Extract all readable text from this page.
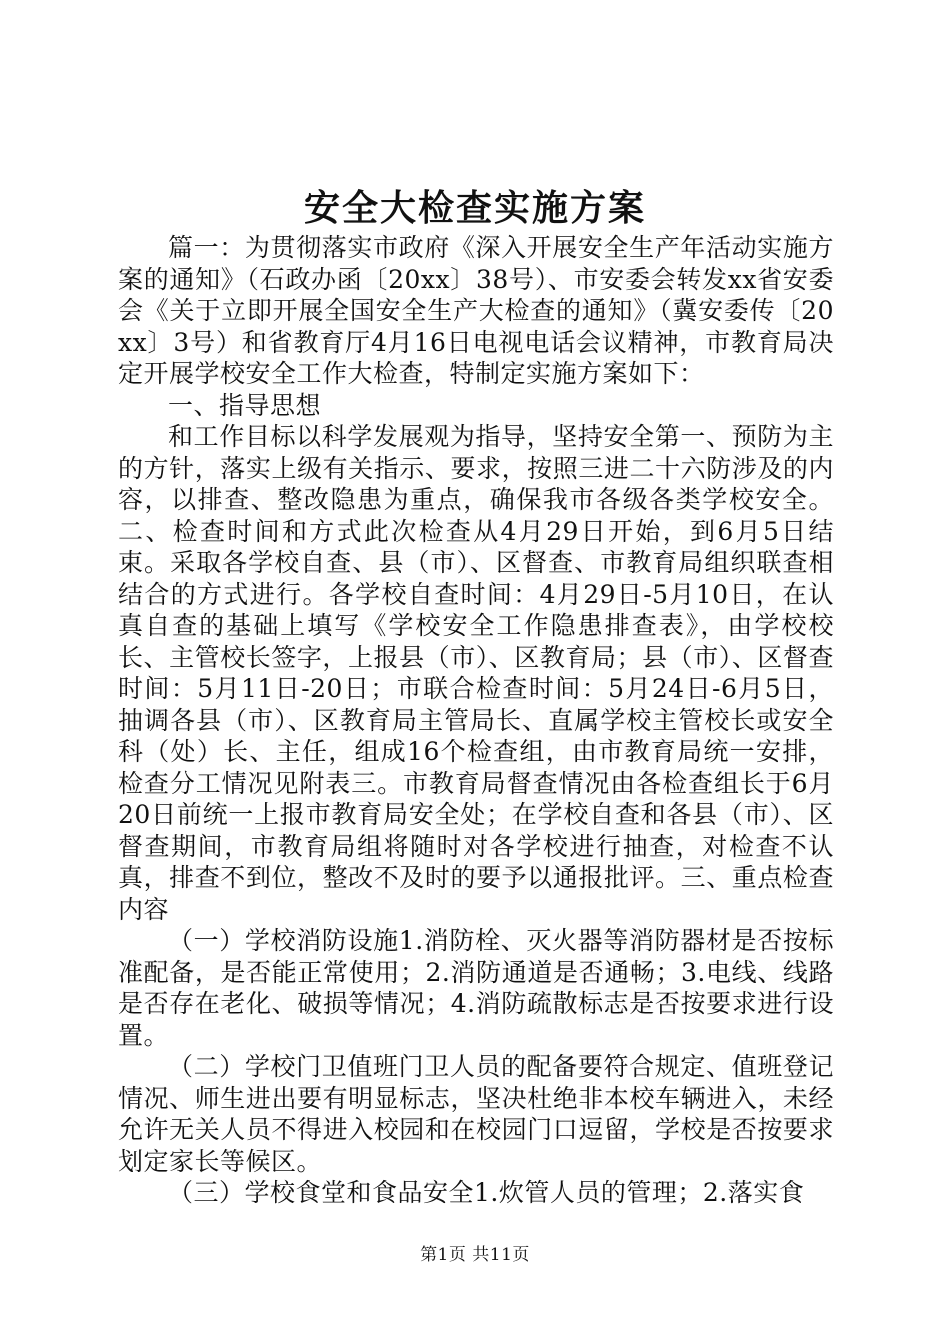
安全大检查实施方案

篇一：为贯彻落实市政府《深入开展安全生产年活动实施方案的通知》（石政办函〔20xx〕38号）、市安委会转发xx省安委会《关于立即开展全国安全生产大检查的通知》（冀安委传〔20xx〕3号）和省教育厅4月16日电视电话会议精神，市教育局决定开展学校安全工作大检查，特制定实施方案如下：

一、指导思想

和工作目标以科学发展观为指导，坚持安全第一、预防为主的方针，落实上级有关指示、要求，按照三进二十六防涉及的内容，以排查、整改隐患为重点，确保我市各级各类学校安全。二、检查时间和方式此次检查从4月29日开始，到6月5日结束。采取各学校自查、县（市）、区督查、市教育局组织联查相结合的方式进行。各学校自查时间：4月29日-5月10日，在认真自查的基础上填写《学校安全工作隐患排查表》，由学校校长、主管校长签字，上报县（市）、区教育局；县（市）、区督查时间：5月11日-20日；市联合检查时间：5月24日-6月5日，抽调各县（市）、区教育局主管局长、直属学校主管校长或安全科（处）长、主任，组成16个检查组，由市教育局统一安排，检查分工情况见附表三。市教育局督查情况由各检查组长于6月20日前统一上报市教育局安全处；在学校自查和各县（市）、区督查期间，市教育局组将随时对各学校进行抽查，对检查不认真，排查不到位，整改不及时的要予以通报批评。三、重点检查内容

（一）学校消防设施1.消防栓、灭火器等消防器材是否按标准配备，是否能正常使用；2.消防通道是否通畅；3.电线、线路是否存在老化、破损等情况；4.消防疏散标志是否按要求进行设置。

（二）学校门卫值班门卫人员的配备要符合规定、值班登记情况、师生进出要有明显标志，坚决杜绝非本校车辆进入，未经允许无关人员不得进入校园和在校园门口逗留，学校是否按要求划定家长等候区。

（三）学校食堂和食品安全1.炊管人员的管理；2.落实食

第1页 共11页
